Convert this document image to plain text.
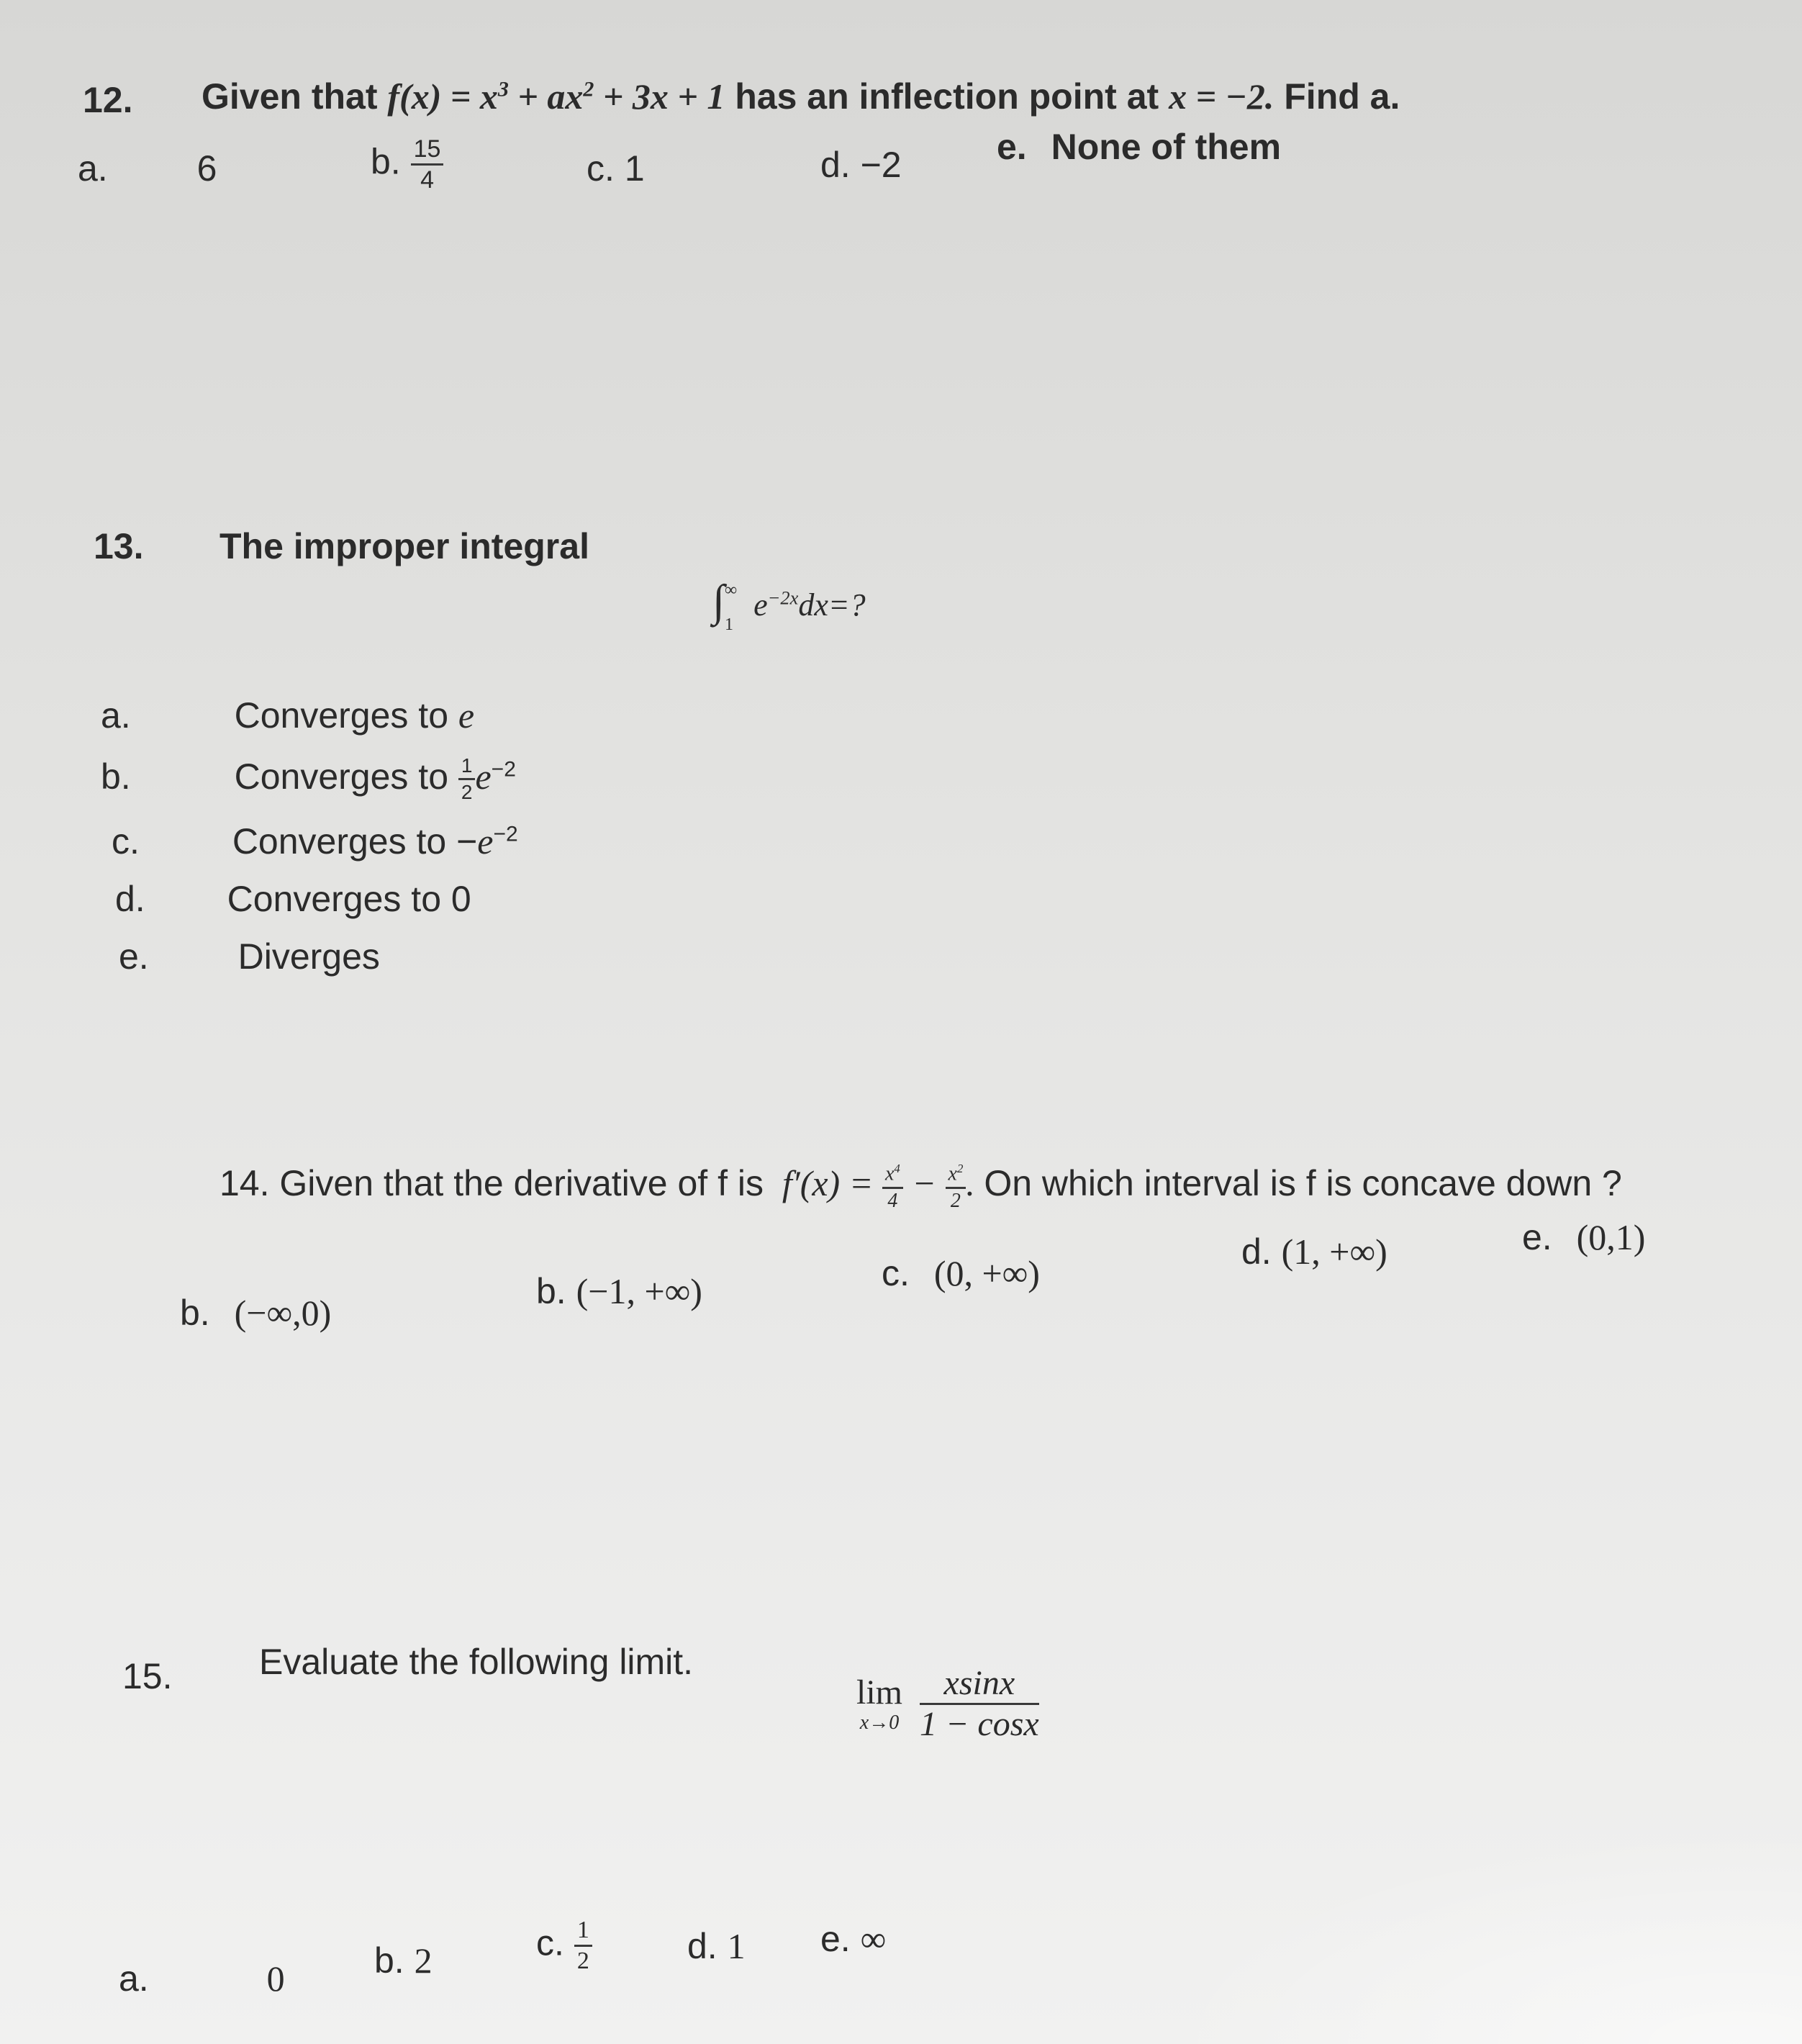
12. Given that $f(x) = x^3 + ax^2 + 3x + 1$ has an inflection point at x = −2. Find a.
a. 6	b. $\frac{15}{4}$	c. 1	d. −2	e. None of them
13. The improper integral
$\int_1^\infty$ $e^{-2x}dx=$?
a.	Converges to e
b.	Converges to $\frac{1}{2} e^{-2}$
c.	Converges to $-e^{-2}$
d. Converges to 0
e. Diverges
14. Given that the derivative of f is $f'(x) = \frac{x^4}{4} - \frac{x^2}{2}$ . On which interval is f is concave down ?
b. (−∞,0)
b. (−1, +∞)	c. (0, +∞)
d. (1, +∞)	e. (0,1)
15. Evaluate the following limit.
lim
x→0
$\frac{xsinx}{1 - \cos x}$
a.	0 b. 2	c. $\frac{1}{2}$	d. 1 e. ∞
